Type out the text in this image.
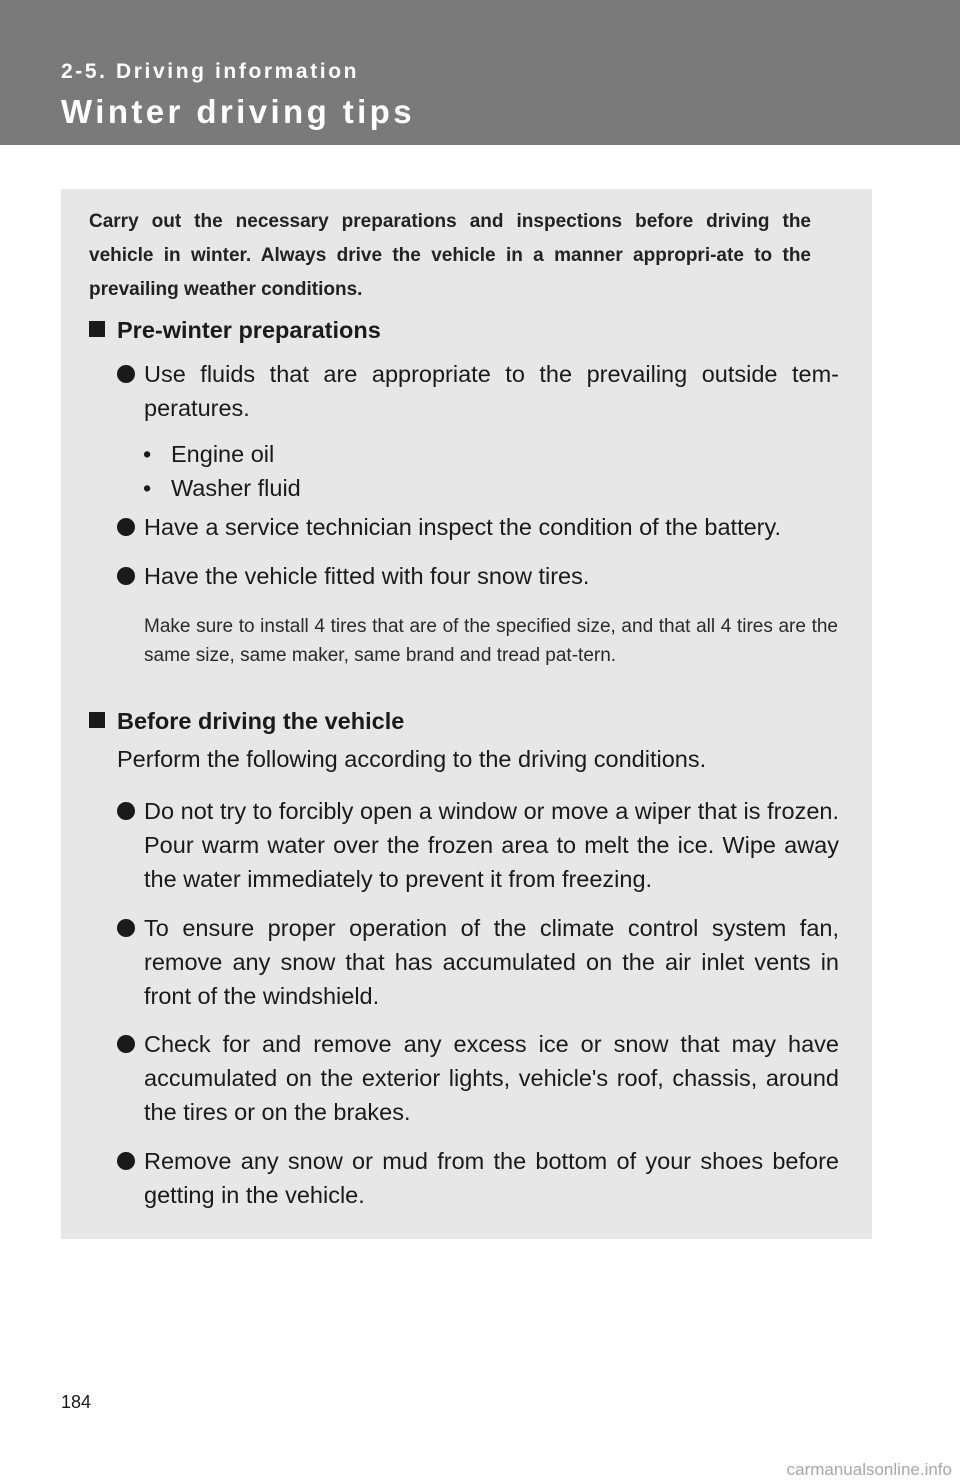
2-5. Driving information
Winter driving tips
Carry out the necessary preparations and inspections before driving the vehicle in winter. Always drive the vehicle in a manner appropri-ate to the prevailing weather conditions.
Pre-winter preparations
Use fluids that are appropriate to the prevailing outside tem-peratures.
• Engine oil
• Washer fluid
Have a service technician inspect the condition of the battery.
Have the vehicle fitted with four snow tires.
Make sure to install 4 tires that are of the specified size, and that all 4 tires are the same size, same maker, same brand and tread pat-tern.
Before driving the vehicle
Perform the following according to the driving conditions.
Do not try to forcibly open a window or move a wiper that is frozen. Pour warm water over the frozen area to melt the ice. Wipe away the water immediately to prevent it from freezing.
To ensure proper operation of the climate control system fan, remove any snow that has accumulated on the air inlet vents in front of the windshield.
Check for and remove any excess ice or snow that may have accumulated on the exterior lights, vehicle's roof, chassis, around the tires or on the brakes.
Remove any snow or mud from the bottom of your shoes before getting in the vehicle.
184
carmanualsonline.info
